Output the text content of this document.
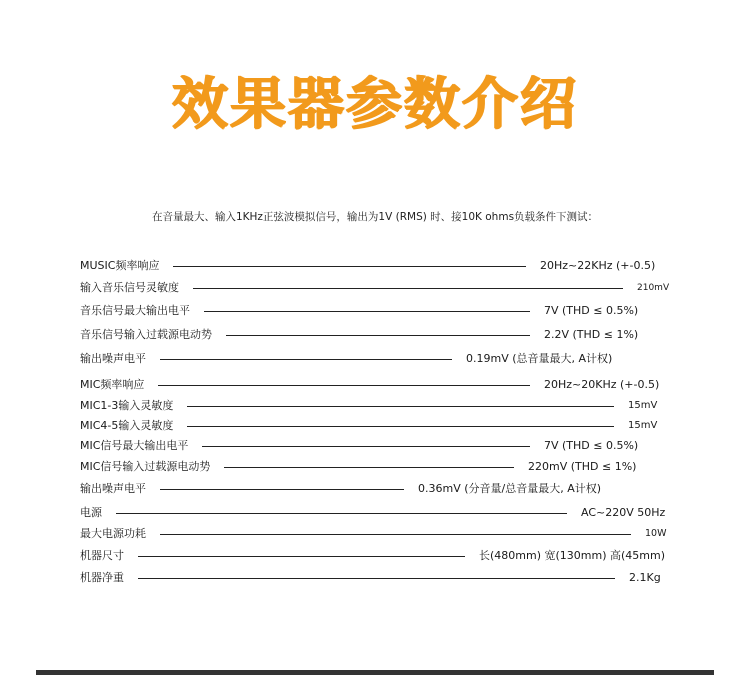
效果器参数介绍
在音量最大、输入1KHz正弦波模拟信号，输出为1V (RMS) 时、接10K ohms负载条件下测试：
MUSIC频率响应	20Hz~22KHz (+-0.5)
输入音乐信号灵敏度	210mV
音乐信号最大输出电平	7V (THD ≤ 0.5%)
音乐信号输入过载源电动势	2.2V (THD ≤ 1%)
输出噪声电平	0.19mV (总音量最大, A计权)
MIC频率响应	20Hz~20KHz (+-0.5)
MIC1-3输入灵敏度	15mV
MIC4-5输入灵敏度	15mV
MIC信号最大输出电平	7V (THD ≤ 0.5%)
MIC信号输入过载源电动势	220mV (THD ≤ 1%)
输出噪声电平	0.36mV (分音量/总音量最大, A计权)
电源	AC~220V 50Hz
最大电源功耗	10W
机器尺寸	长(480mm) 宽(130mm) 高(45mm)
机器净重	2.1Kg
